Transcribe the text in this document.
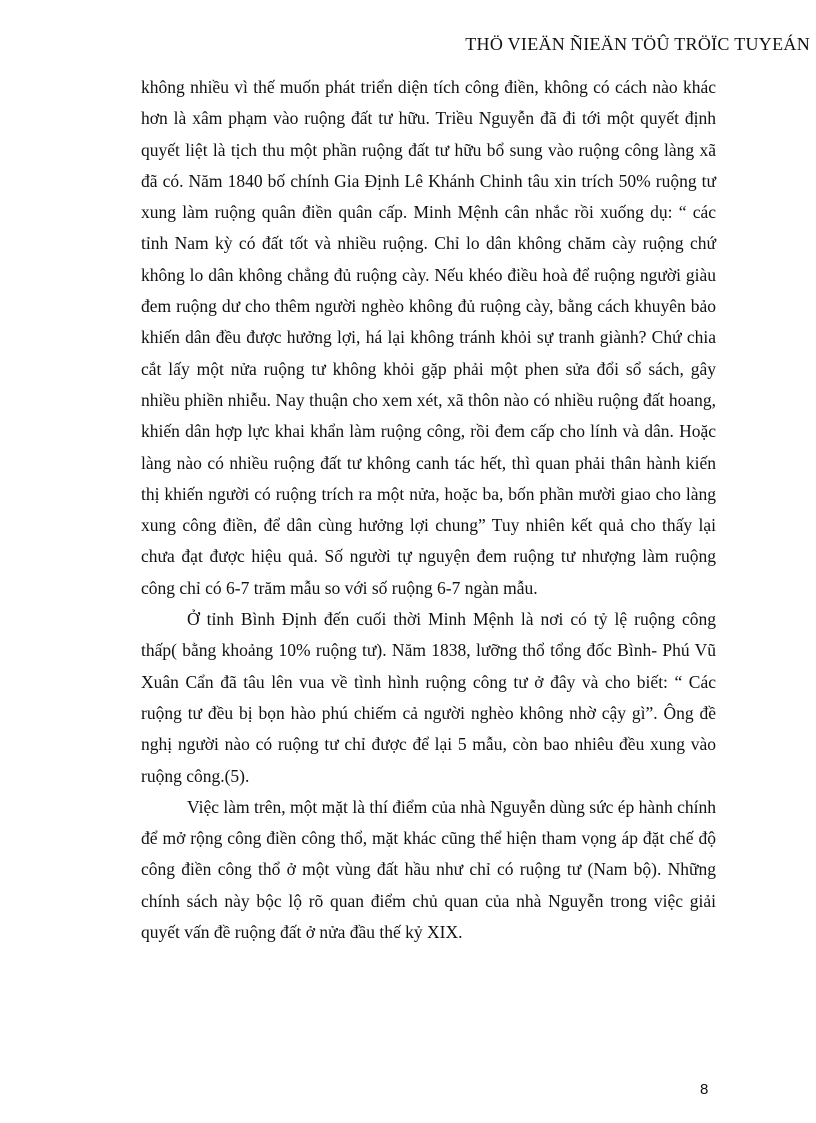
THÖ VIEÄN ÑIEÄN TÖÛ TRÖÏC TUYEÁN

không nhiều vì thế muốn phát triển diện tích công điền, không có cách nào khác hơn là xâm phạm vào ruộng đất tư hữu. Triều Nguyễn đã đi tới một quyết định quyết liệt là tịch thu một phần ruộng đất tư hữu bổ sung vào ruộng công làng xã đã có. Năm 1840 bố chính Gia Định Lê Khánh Chinh tâu xin trích 50% ruộng tư xung làm ruộng quân điền quân cấp. Minh Mệnh cân nhắc rồi xuống dụ: “ các tỉnh Nam kỳ có đất tốt và nhiều ruộng. Chỉ lo dân không chăm cày ruộng chứ không lo dân không chẳng đủ ruộng cày. Nếu khéo điều hoà để ruộng người giàu đem ruộng dư cho thêm người nghèo không đủ ruộng cày, bằng cách khuyên bảo khiến dân đều được hưởng lợi, há lại không tránh khỏi sự tranh giành? Chứ chia cắt lấy một nửa ruộng tư không khỏi gặp phải một phen sửa đổi sổ sách, gây nhiều phiền nhiễu. Nay thuận cho xem xét, xã thôn nào có nhiều ruộng đất hoang, khiến dân hợp lực khai khẩn làm ruộng công, rồi đem cấp cho lính và dân. Hoặc làng nào có nhiều ruộng đất tư không canh tác hết, thì quan phải thân hành kiến thị khiến người có ruộng trích ra một nửa, hoặc ba, bốn phần mười giao cho làng xung công điền, để dân cùng hưởng lợi chung” Tuy nhiên kết quả cho thấy lại chưa đạt được hiệu quả. Số người tự nguyện đem ruộng tư nhượng làm ruộng công chỉ có 6-7 trăm mẫu so với số ruộng 6-7 ngàn mẫu.

Ở tỉnh Bình Định đến cuối thời Minh Mệnh là nơi có tỷ lệ ruộng công thấp( bằng khoảng 10% ruộng tư). Năm 1838, lưỡng thổ tổng đốc Bình- Phú Vũ Xuân Cẩn đã tâu lên vua về tình hình ruộng công tư ở đây và cho biết: “ Các ruộng tư đều bị bọn hào phú chiếm cả người nghèo không nhờ cậy gì”. Ông đề nghị người nào có ruộng tư chỉ được để lại 5 mẫu, còn bao nhiêu đều xung vào ruộng công.(5).

Việc làm trên, một mặt là thí điểm của nhà Nguyễn dùng sức ép hành chính để mở rộng công điền công thổ, mặt khác cũng thể hiện tham vọng áp đặt chế độ công điền công thổ ở một vùng đất hầu như chỉ có ruộng tư (Nam bộ). Những chính sách này bộc lộ rõ quan điểm chủ quan của nhà Nguyễn trong việc giải quyết vấn đề ruộng đất ở nửa đầu thế kỷ XIX.

8
